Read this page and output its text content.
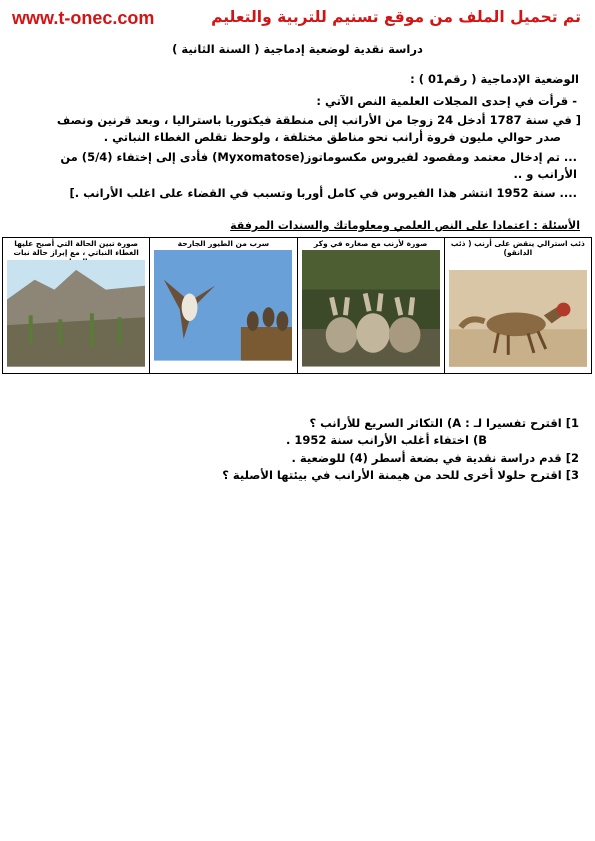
www.t-onec.com	تم تحميل الملف من موقع تسنيم للتربية والتعليم
دراسة نقدية لوضعية إدماجية ( السنة الثانية )
الوضعية الإدماجية ( رقم01 ) :
- قرأت في إحدى المجلات العلمية النص الآتي :
[ في سنة 1787 أدخل 24 زوجا من الأرانب إلى منطقة فيكتوريا باستراليا ، وبعد قرنين ونصف
صدر حوالي مليون فروة أرانب نحو مناطق مختلفة ، ولوحظ تقلص الغطاء النباتي .
... تم إدخال معتمد ومقصود لفيروس مكسوماتوز(Myxomatose) فأدى إلى إختفاء (5/4) من
الأرانب و ..
.... سنة 1952 انتشر هذا الفيروس في كامل أوربا وتسبب في القضاء على اغلب الأرانب .]
الأسئلة : اعتمادا على النص العلمي ومعلوماتك والسندات المرفقة
ذئب استرالي ينقض على أرنب ( ذئب الدانقو)
صورة لأرنب مع صغاره في وكر
سرب من الطيور الجارحة
صورة تبين الحالة التي أصبح عليها الغطاء النباتي ، مع إبراز حالة نبات
1] اقترح تفسيرا لـ : A) التكاثر السريع للأرانب ؟
B) اختفاء أغلب الأرانب سنة 1952 .
2] قدم دراسة نقدية في بضعة أسطر (4) للوضعية .
3] اقترح حلولا أخرى للحد من هيمنة الأرانب في بيئتها الأصلية ؟
